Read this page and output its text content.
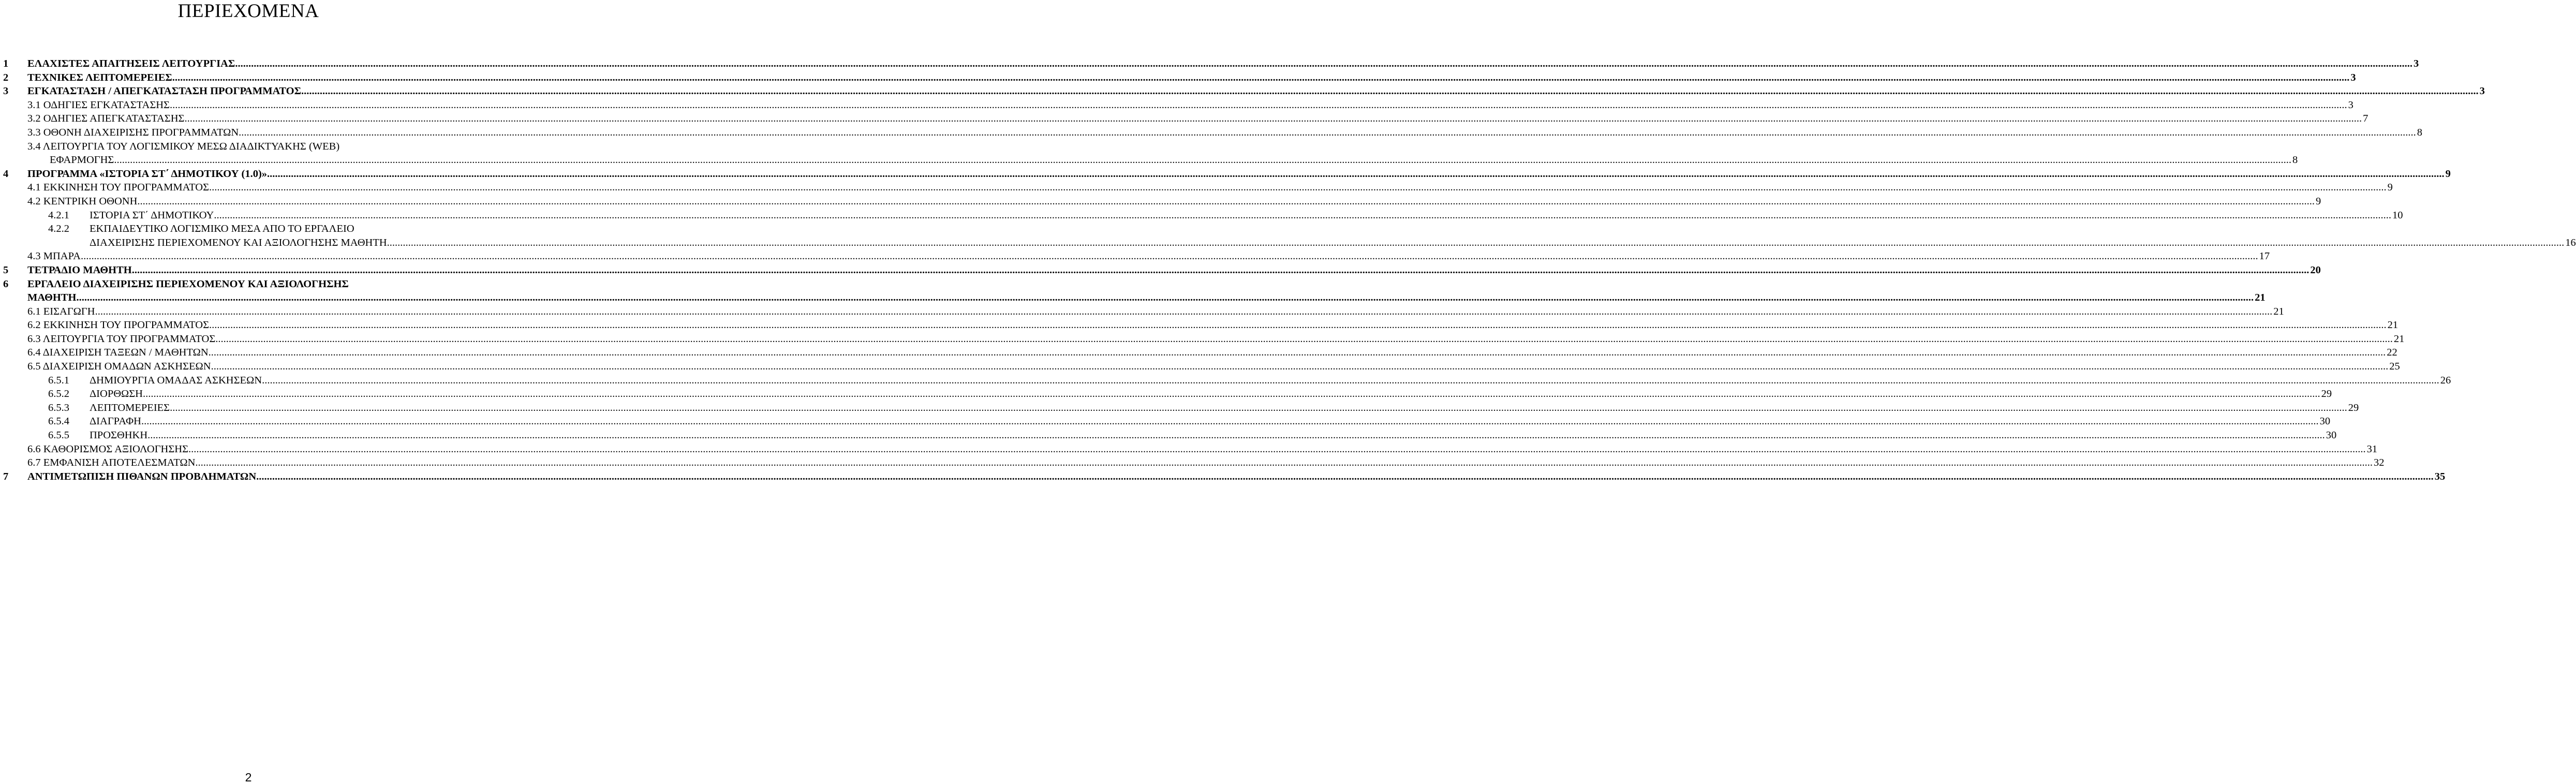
ΠΕΡΙΕΧΟΜΕΝΑ
1 ΕΛΑΧΙΣΤΕΣ ΑΠΑΙΤΗΣΕΙΣ ΛΕΙΤΟΥΡΓΙΑΣ .....	3
2 ΤΕΧΝΙΚΕΣ ΛΕΠΤΟΜΕΡΕΙΕΣ .....	3
3 ΕΓΚΑΤΑΣΤΑΣΗ / ΑΠΕΓΚΑΤΑΣΤΑΣΗ ΠΡΟΓΡΑΜΜΑΤΟΣ .....	3
3.1 ΟΔΗΓΙΕΣ ΕΓΚΑΤΑΣΤΑΣΗΣ .....	3
3.2 ΟΔΗΓΙΕΣ ΑΠΕΓΚΑΤΑΣΤΑΣΗΣ .....	7
3.3 ΟΘΟΝΗ ΔΙΑΧΕΙΡΙΣΗΣ ΠΡΟΓΡΑΜΜΑΤΩΝ .....	8
3.4 ΛΕΙΤΟΥΡΓΙΑ ΤΟΥ ΛΟΓΙΣΜΙΚΟΥ ΜΕΣΩ ΔΙΑΔΙΚΤΥΑΚΗΣ (WEB)
ΕΦΑΡΜΟΓΗΣ .....	8
4 ΠΡΟΓΡΑΜΜΑ «ΙΣΤΟΡΙΑ ΣΤ΄ ΔΗΜΟΤΙΚΟΥ (1.0)» .....	9
4.1 ΕΚΚΙΝΗΣΗ ΤΟΥ ΠΡΟΓΡΑΜΜΑΤΟΣ .....	9
4.2 ΚΕΝΤΡΙΚΗ ΟΘΟΝΗ .....	9
4.2.1	ΙΣΤΟΡΙΑ ΣΤ΄ ΔΗΜΟΤΙΚΟΥ .....	10
4.2.2 ΕΚΠΑΙΔΕΥΤΙΚΟ ΛΟΓΙΣΜΙΚΟ ΜΕΣΑ ΑΠΟ ΤΟ ΕΡΓΑΛΕΙΟ
ΔΙΑΧΕΙΡΙΣΗΣ ΠΕΡΙΕΧΟΜΕΝΟΥ ΚΑΙ ΑΞΙΟΛΟΓΗΣΗΣ ΜΑΘΗΤΗ .....	16
4.3 ΜΠΑΡΑ .....	17
5 ΤΕΤΡΑΔΙΟ ΜΑΘΗΤΗ .....	20
6 ΕΡΓΑΛΕΙΟ ΔΙΑΧΕΙΡΙΣΗΣ ΠΕΡΙΕΧΟΜΕΝΟΥ ΚΑΙ ΑΞΙΟΛΟΓΗΣΗΣ
ΜΑΘΗΤΗ .....	21
6.1 ΕΙΣΑΓΩΓΗ .....	21
6.2 ΕΚΚΙΝΗΣΗ ΤΟΥ ΠΡΟΓΡΑΜΜΑΤΟΣ .....	21
6.3 ΛΕΙΤΟΥΡΓΙΑ ΤΟΥ ΠΡΟΓΡΑΜΜΑΤΟΣ .....	21
6.4 ΔΙΑΧΕΙΡΙΣΗ ΤΑΞΕΩΝ / ΜΑΘΗΤΩΝ .....	22
6.5 ΔΙΑΧΕΙΡΙΣΗ ΟΜΑΔΩΝ ΑΣΚΗΣΕΩΝ .....	25
6.5.1	ΔΗΜΙΟΥΡΓΙΑ ΟΜΑΔΑΣ ΑΣΚΗΣΕΩΝ .....	26
6.5.2	ΔΙΟΡΘΩΣΗ .....	29
6.5.3	ΛΕΠΤΟΜΕΡΕΙΕΣ .....	29
6.5.4	ΔΙΑΓΡΑΦΗ .....	30
6.5.5	ΠΡΟΣΘΗΚΗ .....	30
6.6 ΚΑΘΟΡΙΣΜΟΣ ΑΞΙΟΛΟΓΗΣΗΣ .....	31
6.7 ΕΜΦΑΝΙΣΗ ΑΠΟΤΕΛΕΣΜΑΤΩΝ .....	32
7 ΑΝΤΙΜΕΤΩΠΙΣΗ ΠΙΘΑΝΩΝ ΠΡΟΒΛΗΜΑΤΩΝ .....	35
2
